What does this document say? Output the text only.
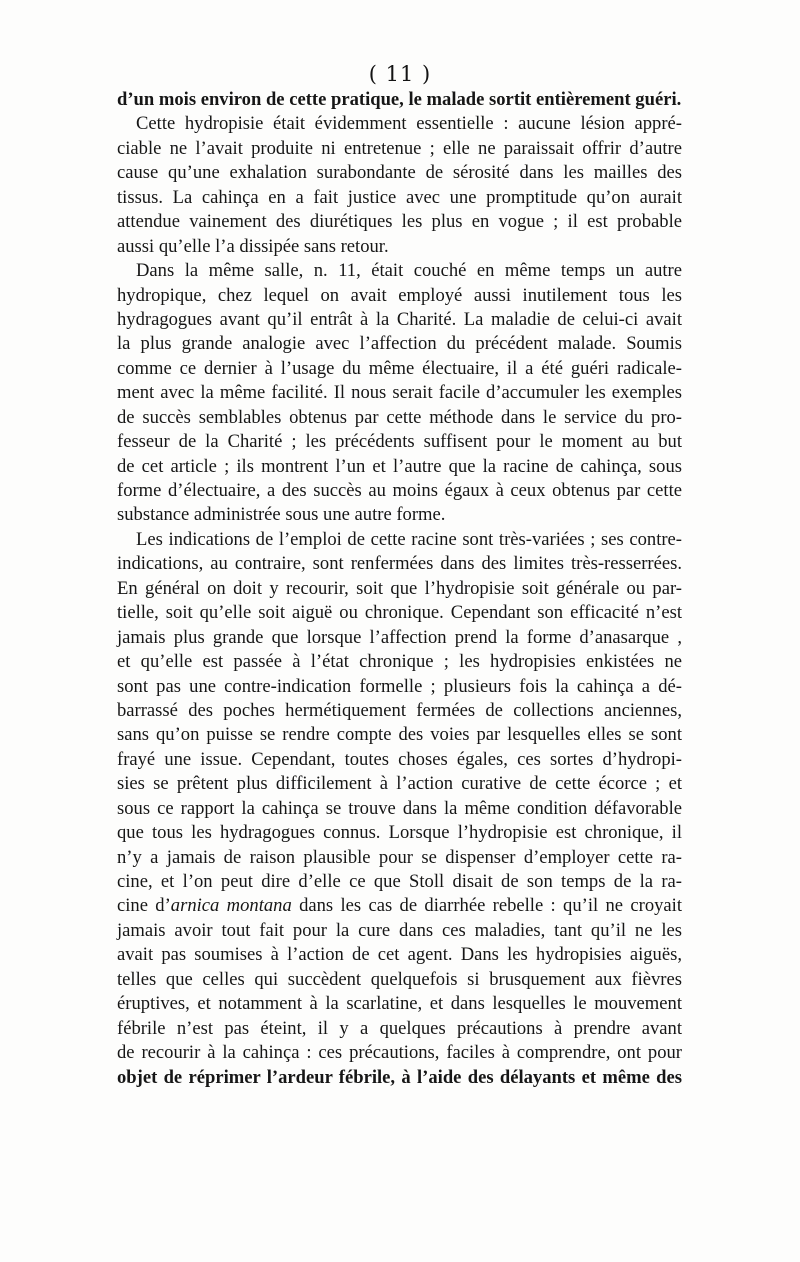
( 11 )
d’un mois environ de cette pratique, le malade sortit entièrement guéri.
Cette hydropisie était évidemment essentielle : aucune lésion appré-
ciable ne l’avait produite ni entretenue ; elle ne paraissait offrir d’autre
cause qu’une exhalation surabondante de sérosité dans les mailles des
tissus. La cahinça en a fait justice avec une promptitude qu’on aurait
attendue vainement des diurétiques les plus en vogue ; il est probable
aussi qu’elle l’a dissipée sans retour.
Dans la même salle, n. 11, était couché en même temps un autre
hydropique, chez lequel on avait employé aussi inutilement tous les
hydragogues avant qu’il entrât à la Charité. La maladie de celui-ci avait
la plus grande analogie avec l’affection du précédent malade. Soumis
comme ce dernier à l’usage du même électuaire, il a été guéri radicale-
ment avec la même facilité. Il nous serait facile d’accumuler les exemples
de succès semblables obtenus par cette méthode dans le service du pro-
fesseur de la Charité ; les précédents suffisent pour le moment au but
de cet article ; ils montrent l’un et l’autre que la racine de cahinça, sous
forme d’électuaire, a des succès au moins égaux à ceux obtenus par cette
substance administrée sous une autre forme.
Les indications de l’emploi de cette racine sont très-variées ; ses contre-
indications, au contraire, sont renfermées dans des limites très-resserrées.
En général on doit y recourir, soit que l’hydropisie soit générale ou par-
tielle, soit qu’elle soit aiguë ou chronique. Cependant son efficacité n’est
jamais plus grande que lorsque l’affection prend la forme d’anasarque ,
et qu’elle est passée à l’état chronique ; les hydropisies enkistées ne
sont pas une contre-indication formelle ; plusieurs fois la cahinça a dé-
barrassé des poches hermétiquement fermées de collections anciennes,
sans qu’on puisse se rendre compte des voies par lesquelles elles se sont
frayé une issue. Cependant, toutes choses égales, ces sortes d’hydropi-
sies se prêtent plus difficilement à l’action curative de cette écorce ; et
sous ce rapport la cahinça se trouve dans la même condition défavorable
que tous les hydragogues connus. Lorsque l’hydropisie est chronique, il
n’y a jamais de raison plausible pour se dispenser d’employer cette ra-
cine, et l’on peut dire d’elle ce que Stoll disait de son temps de la ra-
cine d’arnica montana dans les cas de diarrhée rebelle : qu’il ne croyait
jamais avoir tout fait pour la cure dans ces maladies, tant qu’il ne les
avait pas soumises à l’action de cet agent. Dans les hydropisies aiguës,
telles que celles qui succèdent quelquefois si brusquement aux fièvres
éruptives, et notamment à la scarlatine, et dans lesquelles le mouvement
fébrile n’est pas éteint, il y a quelques précautions à prendre avant
de recourir à la cahinça : ces précautions, faciles à comprendre, ont pour
objet de réprimer l’ardeur fébrile, à l’aide des délayants et même des
